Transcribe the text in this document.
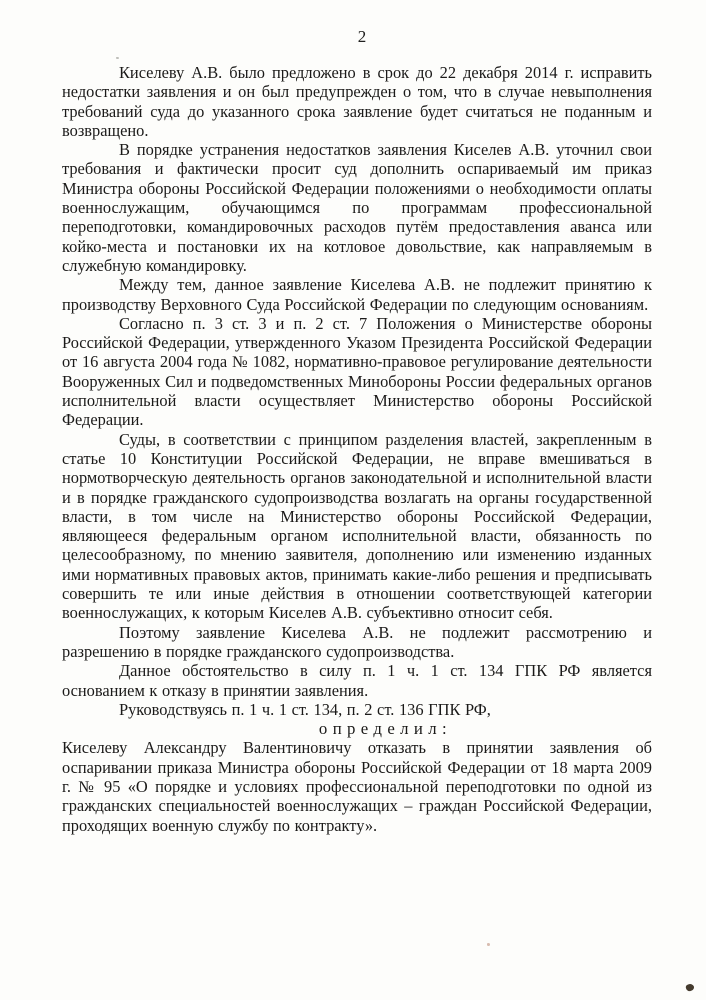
2

Киселеву А.В. было предложено в срок до 22 декабря 2014 г. исправить недостатки заявления и он был предупрежден о том, что в случае невыполнения требований суда до указанного срока заявление будет считаться не поданным и возвращено.

В порядке устранения недостатков заявления Киселев А.В. уточнил свои требования и фактически просит суд дополнить оспариваемый им приказ Министра обороны Российской Федерации положениями о необходимости оплаты военнослужащим, обучающимся по программам профессиональной переподготовки, командировочных расходов путём предоставления аванса или койко-места и постановки их на котловое довольствие, как направляемым в служебную командировку.

Между тем, данное заявление Киселева А.В. не подлежит принятию к производству Верховного Суда Российской Федерации по следующим основаниям.

Согласно п. 3 ст. 3 и п. 2 ст. 7 Положения о Министерстве обороны Российской Федерации, утвержденного Указом Президента Российской Федерации от 16 августа 2004 года № 1082, нормативно-правовое регулирование деятельности Вооруженных Сил и подведомственных Минобороны России федеральных органов исполнительной власти осуществляет Министерство обороны Российской Федерации.

Суды, в соответствии с принципом разделения властей, закрепленным в статье 10 Конституции Российской Федерации, не вправе вмешиваться в нормотворческую деятельность органов законодательной и исполнительной власти и в порядке гражданского судопроизводства возлагать на органы государственной власти, в том числе на Министерство обороны Российской Федерации, являющееся федеральным органом исполнительной власти, обязанность по целесообразному, по мнению заявителя, дополнению или изменению изданных ими нормативных правовых актов, принимать какие-либо решения и предписывать совершить те или иные действия в отношении соответствующей категории военнослужащих, к которым Киселев А.В. субъективно относит себя.

Поэтому заявление Киселева А.В. не подлежит рассмотрению и разрешению в порядке гражданского судопроизводства.

Данное обстоятельство в силу п. 1 ч. 1 ст. 134 ГПК РФ является основанием к отказу в принятии заявления.

Руководствуясь п. 1 ч. 1 ст. 134, п. 2 ст. 136 ГПК РФ,

определил:

Киселеву Александру Валентиновичу отказать в принятии заявления об оспаривании приказа Министра обороны Российской Федерации от 18 марта 2009 г. № 95 «О порядке и условиях профессиональной переподготовки по одной из гражданских специальностей военнослужащих – граждан Российской Федерации, проходящих военную службу по контракту».
